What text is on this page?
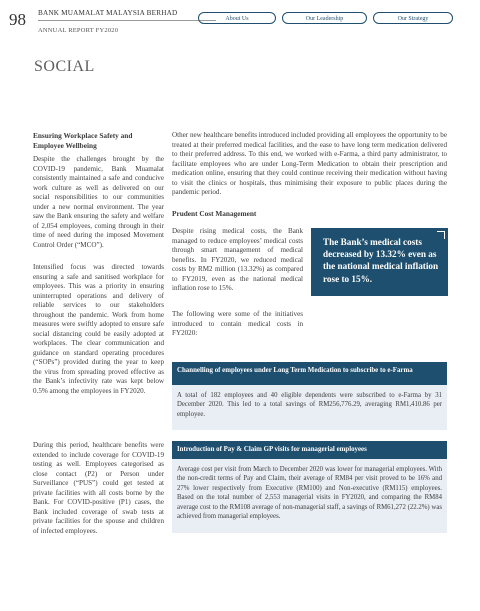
98 BANK MUAMALAT MALAYSIA BERHAD
ANNUAL REPORT FY2020
About Us	Our Leadership	Our Strategy
SOCIAL
Ensuring Workplace Safety and Employee Wellbeing
Despite the challenges brought by the COVID-19 pandemic, Bank Muamalat consistently maintained a safe and conducive work culture as well as delivered on our social responsibilities to our communities under a new normal environment. The year saw the Bank ensuring the safety and welfare of 2,054 employees, coming through in their time of need during the imposed Movement Control Order (“MCO”).
Intensified focus was directed towards ensuring a safe and sanitised workplace for employees. This was a priority in ensuring uninterrupted operations and delivery of reliable services to our stakeholders throughout the pandemic. Work from home measures were swiftly adopted to ensure safe social distancing could be easily adopted at workplaces. The clear communication and guidance on standard operating procedures (“SOPs”) provided during the year to keep the virus from spreading proved effective as the Bank’s infectivity rate was kept below 0.5% among the employees in FY2020.
During this period, healthcare benefits were extended to include coverage for COVID-19 testing as well. Employees categorised as close contact (P2) or Person under Surveillance (“PUS”) could get tested at private facilities with all costs borne by the Bank. For COVID-positive (P1) cases, the Bank included coverage of swab tests at private facilities for the spouse and children of infected employees.
Other new healthcare benefits introduced included providing all employees the opportunity to be treated at their preferred medical facilities, and the ease to have long term medication delivered to their preferred address. To this end, we worked with e-Farma, a third party administrator, to facilitate employees who are under Long-Term Medication to obtain their prescription and medication online, ensuring that they could continue receiving their medication without having to visit the clinics or hospitals, thus minimising their exposure to public places during the pandemic period.
Prudent Cost Management
Despite rising medical costs, the Bank managed to reduce employees’ medical costs through smart management of medical benefits. In FY2020, we reduced medical costs by RM2 million (13.32%) as compared to FY2019, even as the national medical inflation rose to 15%.
The following were some of the initiatives introduced to contain medical costs in FY2020:
The Bank’s medical costs decreased by 13.32% even as the national medical inflation rose to 15%.
Channelling of employees under Long Term Medication to subscribe to e-Farma
A total of 182 employees and 40 eligible dependents were subscribed to e-Farma by 31 December 2020. This led to a total savings of RM256,776.29, averaging RM1,410.86 per employee.
Introduction of Pay & Claim GP visits for managerial employees
Average cost per visit from March to December 2020 was lower for managerial employees. With the non-credit terms of Pay and Claim, their average of RM84 per visit proved to be 16% and 27% lower respectively from Executive (RM100) and Non-executive (RM115) employees. Based on the total number of 2,553 managerial visits in FY2020, and comparing the RM84 average cost to the RM108 average of non-managerial staff, a savings of RM61,272 (22.2%) was achieved from managerial employees.
